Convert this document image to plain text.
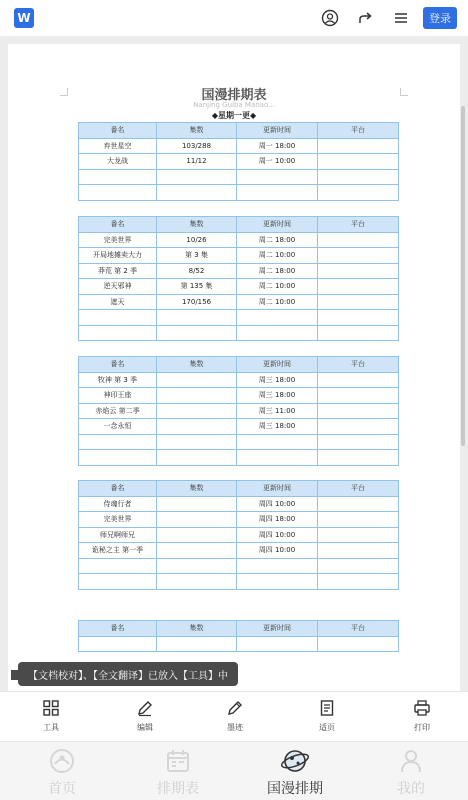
W	登录
国漫排期表
Nanjing Guiba Manao...
◆星期一更◆
番名	集数	更新时间	平台
弃世星空	103/288	周一 18:00	
大龙战	11/12	周一 10:00	

番名	集数	更新时间	平台
完美世界	10/26	周二 18:00	
开局地摊卖大力	第 3 集	周二 10:00	
莽荒 第 2 季	8/52	周二 18:00	
逆天邪神	第 135 集	周二 10:00	
遮天	170/156	周二 10:00	

番名	集数	更新时间	平台
牧神 第 3 季		周三 18:00	
神印王座		周三 18:00	
赤焰云 第二季		周三 11:00	
一念永恒		周三 18:00	

番名	集数	更新时间	平台
侍魂行者		周四 10:00	
完美世界		周四 18:00	
师兄啊师兄		周四 10:00	
诡秘之主 第一季		周四 10:00	

番名	集数	更新时间	平台

【文档校对】、【全文翻译】已放入【工具】中
工具	编辑	墨迹	适页	打印
首页	排期表	国漫排期	我的
